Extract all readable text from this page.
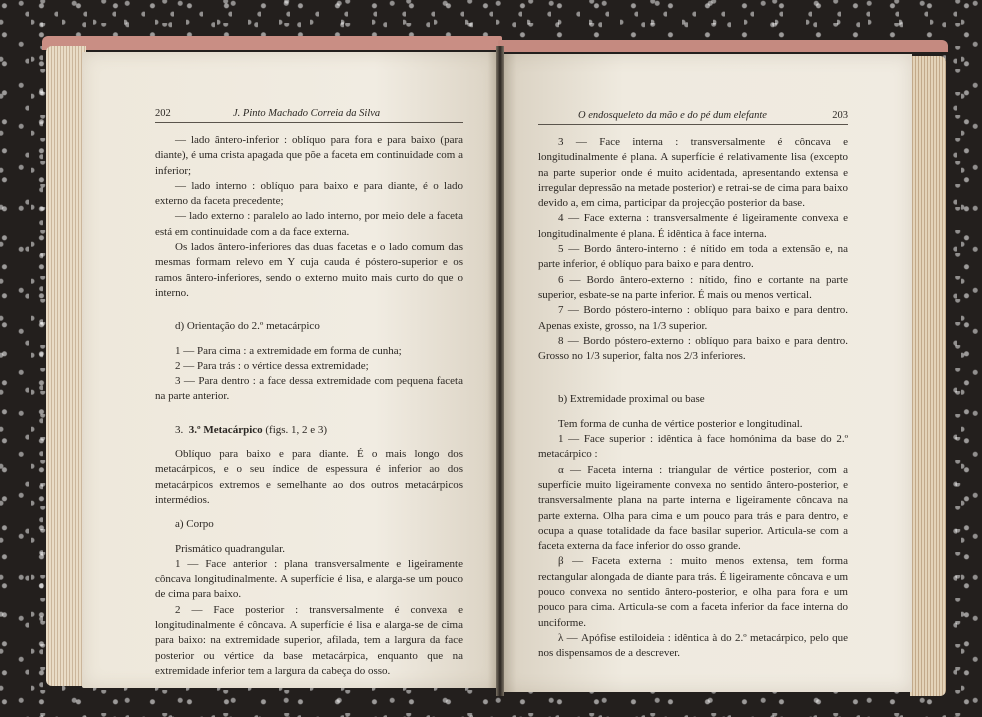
202	J. Pinto Machado Correia da Silva

— lado ântero-inferior : oblíquo para fora e para baixo (para diante), é uma crista apagada que põe a faceta em continuidade com a inferior;

— lado interno : oblíquo para baixo e para diante, é o lado externo da faceta precedente;

— lado externo : paralelo ao lado interno, por meio dele a faceta está em continuidade com a da face externa.

Os lados ântero-inferiores das duas facetas e o lado comum das mesmas formam relevo em Y cuja cauda é póstero-superior e os ramos ântero-inferiores, sendo o externo muito mais curto do que o interno.

d) Orientação do 2.º metacárpico

1 — Para cima : a extremidade em forma de cunha;

2 — Para trás : o vértice dessa extremidade;

3 — Para dentro : a face dessa extremidade com pequena faceta na parte anterior.

3. 3.º Metacárpico (figs. 1, 2 e 3)

Oblíquo para baixo e para diante. É o mais longo dos metacárpicos, e o seu índice de espessura é inferior ao dos metacárpicos extremos e semelhante ao dos outros metacárpicos intermédios.

a) Corpo

Prismático quadrangular.

1 — Face anterior : plana transversalmente e ligeiramente côncava longitudinalmente. A superfície é lisa, e alarga-se um pouco de cima para baixo.

2 — Face posterior : transversalmente é convexa e longitudinalmente é côncava. A superfície é lisa e alarga-se de cima para baixo: na extremidade superior, afilada, tem a largura da face posterior ou vértice da base metacárpica, enquanto que na extremidade inferior tem a largura da cabeça do osso.

O endosqueleto da mão e do pé dum elefante	203

3 — Face interna : transversalmente é côncava e longitudinalmente é plana. A superfície é relativamente lisa (excepto na parte superior onde é muito acidentada, apresentando extensa e irregular depressão na metade posterior) e retrai-se de cima para baixo devido a, em cima, participar da projecção posterior da base.

4 — Face externa : transversalmente é ligeiramente convexa e longitudinalmente é plana. É idêntica à face interna.

5 — Bordo ântero-interno : é nítido em toda a extensão e, na parte inferior, é oblíquo para baixo e para dentro.

6 — Bordo ântero-externo : nítido, fino e cortante na parte superior, esbate-se na parte inferior. É mais ou menos vertical.

7 — Bordo póstero-interno : oblíquo para baixo e para dentro. Apenas existe, grosso, na 1/3 superior.

8 — Bordo póstero-externo : oblíquo para baixo e para dentro. Grosso no 1/3 superior, falta nos 2/3 inferiores.

b) Extremidade proximal ou base

Tem forma de cunha de vértice posterior e longitudinal.

1 — Face superior : idêntica à face homónima da base do 2.º metacárpico :

α — Faceta interna : triangular de vértice posterior, com a superfície muito ligeiramente convexa no sentido ântero-posterior, e transversalmente plana na parte interna e ligeiramente côncava na parte externa. Olha para cima e um pouco para trás e para dentro, e ocupa a quase totalidade da face basilar superior. Articula-se com a faceta externa da face inferior do osso grande.

β — Faceta externa : muito menos extensa, tem forma rectangular alongada de diante para trás. É ligeiramente côncava e um pouco convexa no sentido ântero-posterior, e olha para fora e um pouco para cima. Articula-se com a faceta inferior da face interna do unciforme.

λ — Apófise estiloideia : idêntica à do 2.º metacárpico, pelo que nos dispensamos de a descrever.
